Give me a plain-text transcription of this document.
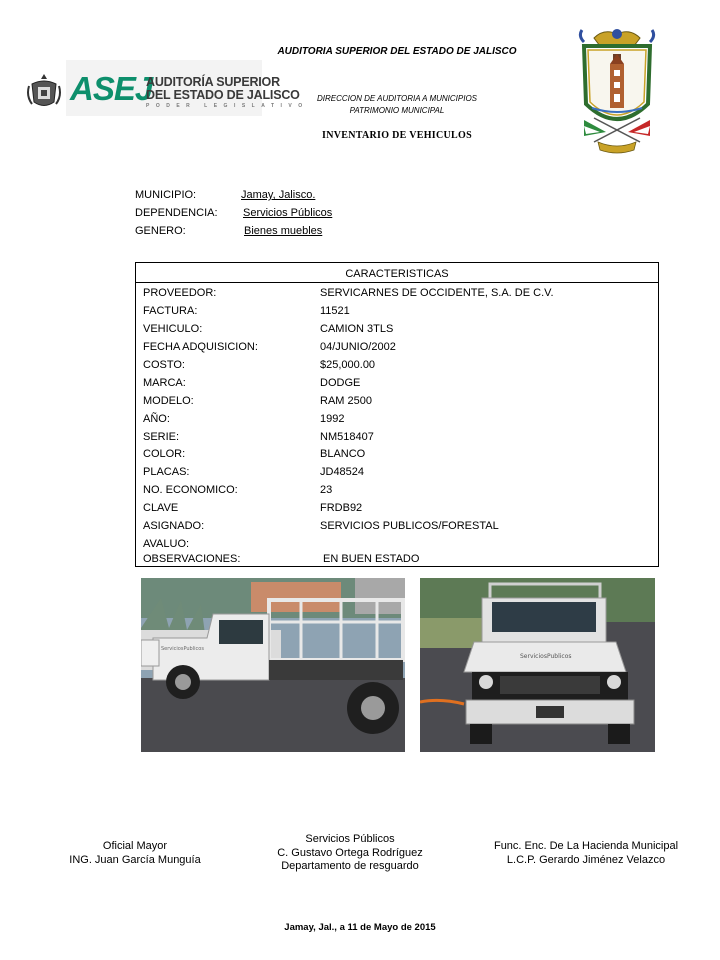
ASEJ
AUDITORÍA SUPERIOR
DEL ESTADO DE JALISCO
PODER LEGISLATIVO
AUDITORIA SUPERIOR DEL ESTADO DE JALISCO
DIRECCION DE AUDITORIA A MUNICIPIOS
PATRIMONIO MUNICIPAL
INVENTARIO DE VEHICULOS
MUNICIPIO:	Jamay, Jalisco.
DEPENDENCIA: Servicios Públicos
GENERO:	Bienes muebles
CARACTERISTICAS
PROVEEDOR:	SERVICARNES DE OCCIDENTE, S.A. DE C.V.
FACTURA:	11521
VEHICULO:	CAMION 3TLS
FECHA ADQUISICION:	04/JUNIO/2002
COSTO:	$25,000.00
MARCA:	DODGE
MODELO:	RAM 2500
AÑO:	1992
SERIE:	NM518407
COLOR:	BLANCO
PLACAS:	JD48524
NO. ECONOMICO:	23
CLAVE	FRDB92
ASIGNADO:	SERVICIOS PUBLICOS/FORESTAL
AVALUO:
OBSERVACIONES:	EN BUEN ESTADO
ServiciosPublicos
ServiciosPublicos
Oficial Mayor
ING. Juan García Munguía
Servicios Públicos
C. Gustavo Ortega Rodríguez
Departamento de resguardo
Func. Enc. De La Hacienda Municipal
L.C.P. Gerardo Jiménez Velazco
Jamay, Jal., a 11 de Mayo de 2015
